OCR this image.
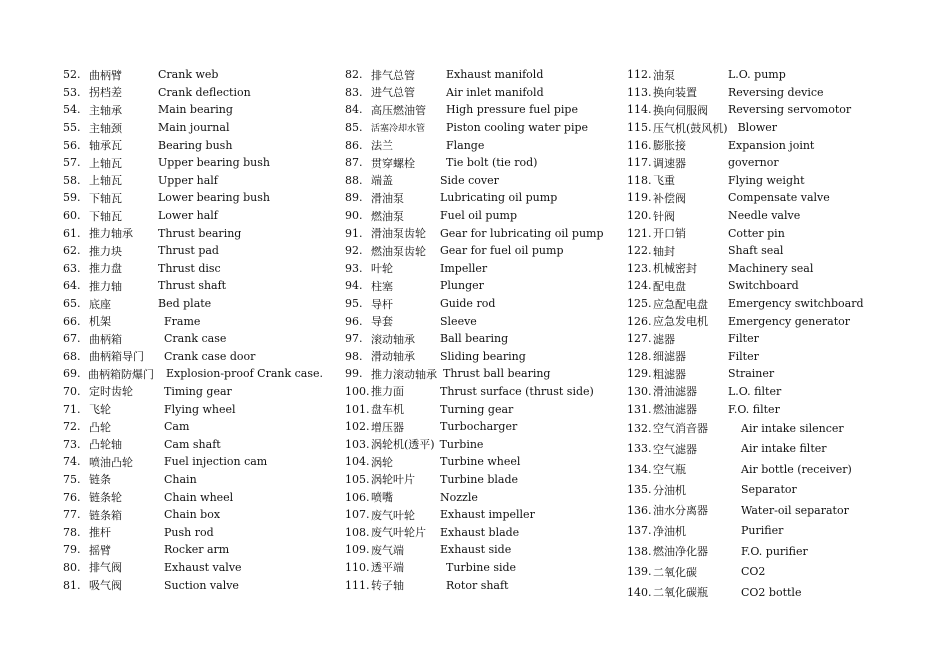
52. 曲柄臂	Crank web
53. 拐档差	Crank deflection
54. 主轴承	Main bearing
55. 主轴颈	Main journal
56. 轴承瓦	Bearing bush
57. 上轴瓦	Upper bearing bush
58. 上轴瓦	Upper half
59. 下轴瓦	Lower bearing bush
60. 下轴瓦	Lower half
61. 推力轴承 Thrust bearing
62. 推力块	Thrust pad
63. 推力盘	Thrust disc
64. 推力轴	Thrust shaft
65. 底座	Bed plate
66. 机架	Frame
67. 曲柄箱	Crank case
68. 曲柄箱导门 Crank case door
69. 曲柄箱防爆门 Explosion-proof Crank case.
70. 定时齿轮	Timing gear
71. 飞轮	Flying wheel
72. 凸轮	Cam
73. 凸轮轴	Cam shaft
74. 喷油凸轮	Fuel injection cam
75. 链条	Chain
76. 链条轮	Chain wheel
77. 链条箱	Chain box
78. 推杆	Push rod
79. 摇臂	Rocker arm
80. 排气阀	Exhaust valve
81. 吸气阀	Suction valve
82. 排气总管	Exhaust manifold
83. 进气总管	Air inlet manifold
84. 高压燃油管 High pressure fuel pipe
85. 活塞冷却水管 Piston cooling water pipe
86. 法兰	Flange
87. 贯穿螺栓	Tie bolt (tie rod)
88. 端盖	Side cover
89. 滑油泵	Lubricating oil pump
90. 燃油泵	Fuel oil pump
91. 滑油泵齿轮 Gear for lubricating oil pump
92. 燃油泵齿轮 Gear for fuel oil pump
93. 叶轮	Impeller
94. 柱塞	Plunger
95. 导杆	Guide rod
96. 导套	Sleeve
97. 滚动轴承 Ball bearing
98. 滑动轴承 Sliding bearing
99. 推力滚动轴承 Thrust ball bearing
100. 推力面	Thrust surface (thrust side)
101. 盘车机	Turning gear
102. 增压器	Turbocharger
103. 涡轮机(透平) Turbine
104. 涡轮	Turbine wheel
105. 涡轮叶片 Turbine blade
106. 喷嘴	Nozzle
107. 废气叶轮 Exhaust impeller
108. 废气叶轮片 Exhaust blade
109. 废气端	Exhaust side
110. 透平端	Turbine side
111. 转子轴	Rotor shaft
112. 油泵	L.O. pump
113. 换向装置	Reversing device
114. 换向伺服阀 Reversing servomotor
115. 压气机(鼓风机) Blower
116. 膨胀接	Expansion joint
117. 调速器	governor
118. 飞重	Flying weight
119. 补偿阀	Compensate valve
120. 针阀	Needle valve
121. 开口销	Cotter pin
122. 轴封	Shaft seal
123. 机械密封	Machinery seal
124. 配电盘	Switchboard
125. 应急配电盘 Emergency switchboard
126. 应急发电机 Emergency generator
127. 滤器	Filter
128. 细滤器	Filter
129. 粗滤器	Strainer
130. 滑油滤器	L.O. filter
131. 燃油滤器	F.O. filter
132. 空气消音器	Air intake silencer
133. 空气滤器	Air intake filter
134. 空气瓶	Air bottle (receiver)
135. 分油机	Separator
136. 油水分离器	Water-oil separator
137. 净油机	Purifier
138. 燃油净化器	F.O. purifier
139. 二氧化碳	CO2
140. 二氧化碳瓶	CO2 bottle
